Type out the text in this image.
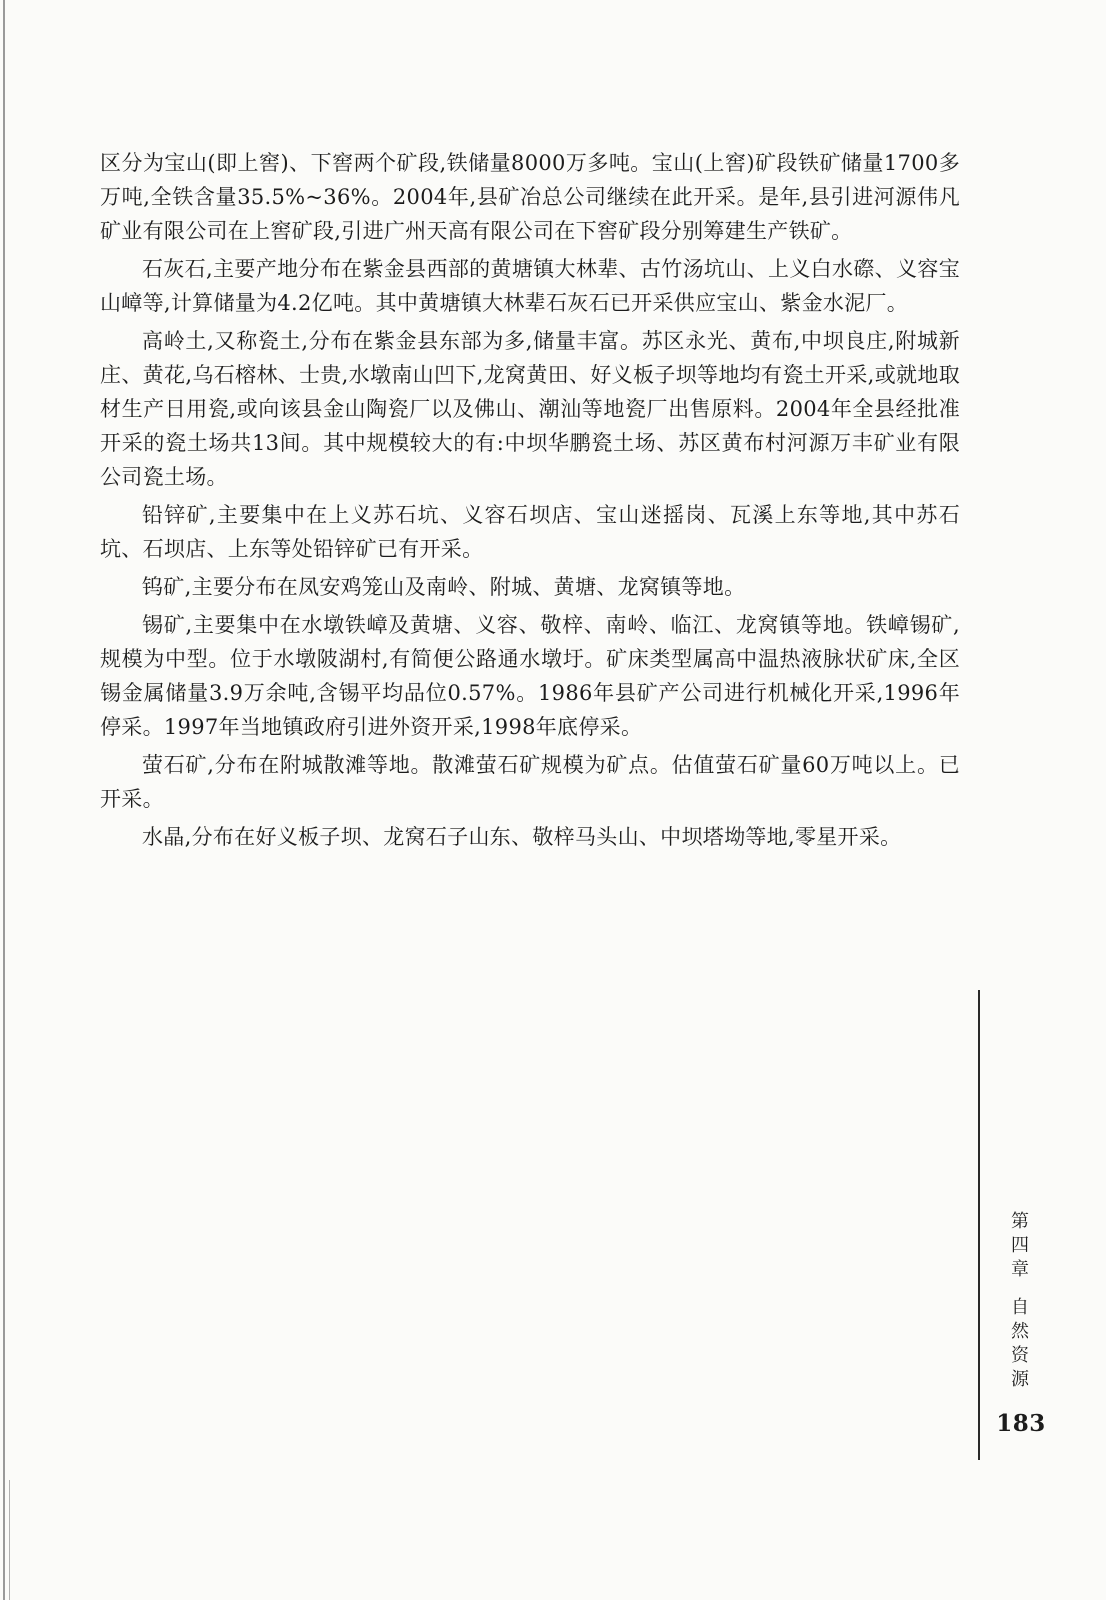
区分为宝山(即上窖)、下窖两个矿段,铁储量8000万多吨。宝山(上窖)矿段铁矿储量1700多万吨,全铁含量35.5%~36%。2004年,县矿冶总公司继续在此开采。是年,县引进河源伟凡矿业有限公司在上窖矿段,引进广州天高有限公司在下窖矿段分别筹建生产铁矿。

石灰石,主要产地分布在紫金县西部的黄塘镇大林辈、古竹汤坑山、上义白水磜、义容宝山嶂等,计算储量为4.2亿吨。其中黄塘镇大林辈石灰石已开采供应宝山、紫金水泥厂。

高岭土,又称瓷土,分布在紫金县东部为多,储量丰富。苏区永光、黄布,中坝良庄,附城新庄、黄花,乌石榕林、士贵,水墩南山凹下,龙窝黄田、好义板子坝等地均有瓷土开采,或就地取材生产日用瓷,或向该县金山陶瓷厂以及佛山、潮汕等地瓷厂出售原料。2004年全县经批准开采的瓷土场共13间。其中规模较大的有:中坝华鹏瓷土场、苏区黄布村河源万丰矿业有限公司瓷土场。

铅锌矿,主要集中在上义苏石坑、义容石坝店、宝山迷摇岗、瓦溪上东等地,其中苏石坑、石坝店、上东等处铅锌矿已有开采。

钨矿,主要分布在凤安鸡笼山及南岭、附城、黄塘、龙窝镇等地。

锡矿,主要集中在水墩铁嶂及黄塘、义容、敬梓、南岭、临江、龙窝镇等地。铁嶂锡矿,规模为中型。位于水墩陂湖村,有简便公路通水墩圩。矿床类型属高中温热液脉状矿床,全区锡金属储量3.9万余吨,含锡平均品位0.57%。1986年县矿产公司进行机械化开采,1996年停采。1997年当地镇政府引进外资开采,1998年底停采。

萤石矿,分布在附城散滩等地。散滩萤石矿规模为矿点。估值萤石矿量60万吨以上。已开采。

水晶,分布在好义板子坝、龙窝石子山东、敬梓马头山、中坝塔坳等地,零星开采。

第
四
章
自
然
资
源
183
